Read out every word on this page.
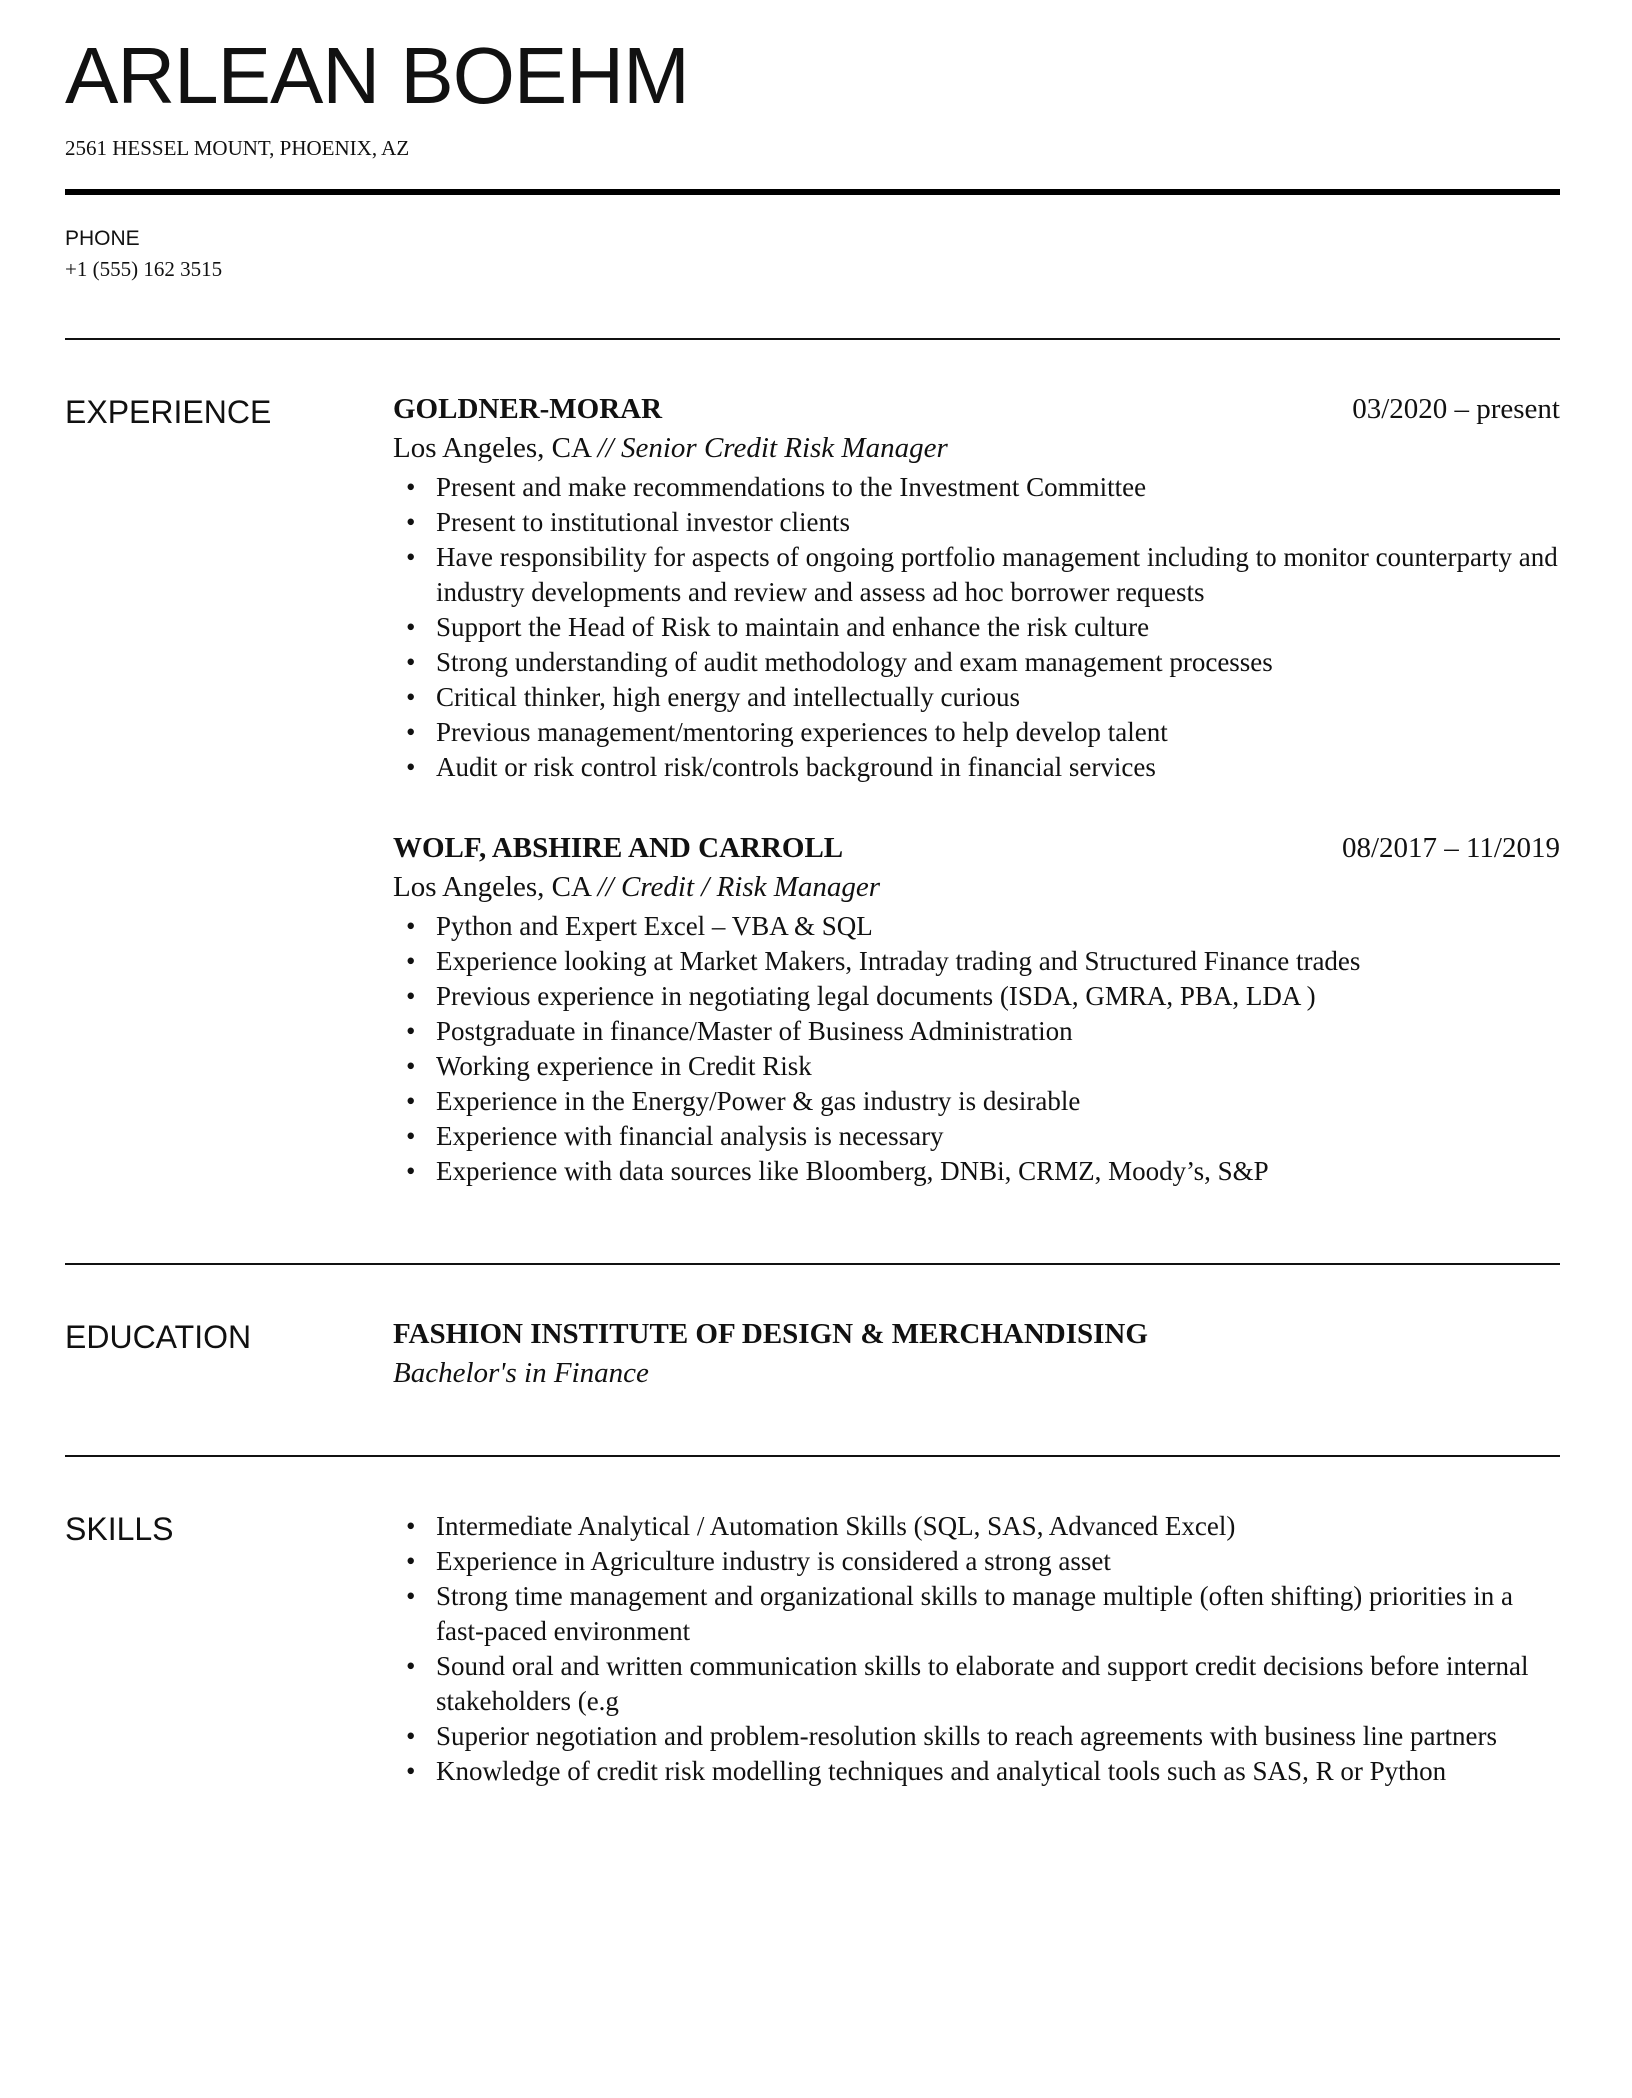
ARLEAN BOEHM
2561 HESSEL MOUNT, PHOENIX, AZ
PHONE
+1 (555) 162 3515
EXPERIENCE	GOLDNER-MORAR	03/2020 – present
Los Angeles, CA // Senior Credit Risk Manager
• Present and make recommendations to the Investment Committee
• Present to institutional investor clients
• Have responsibility for aspects of ongoing portfolio management including to monitor counterparty and industry developments and review and assess ad hoc borrower requests
• Support the Head of Risk to maintain and enhance the risk culture
• Strong understanding of audit methodology and exam management processes
• Critical thinker, high energy and intellectually curious
• Previous management/mentoring experiences to help develop talent
• Audit or risk control risk/controls background in financial services
WOLF, ABSHIRE AND CARROLL	08/2017 – 11/2019
Los Angeles, CA // Credit / Risk Manager
• Python and Expert Excel – VBA & SQL
• Experience looking at Market Makers, Intraday trading and Structured Finance trades
• Previous experience in negotiating legal documents (ISDA, GMRA, PBA, LDA )
• Postgraduate in finance/Master of Business Administration
• Working experience in Credit Risk
• Experience in the Energy/Power & gas industry is desirable
• Experience with financial analysis is necessary
• Experience with data sources like Bloomberg, DNBi, CRMZ, Moody’s, S&P
EDUCATION	FASHION INSTITUTE OF DESIGN & MERCHANDISING
Bachelor's in Finance
SKILLS	• Intermediate Analytical / Automation Skills (SQL, SAS, Advanced Excel)
• Experience in Agriculture industry is considered a strong asset
• Strong time management and organizational skills to manage multiple (often shifting) priorities in a fast-paced environment
• Sound oral and written communication skills to elaborate and support credit decisions before internal stakeholders (e.g
• Superior negotiation and problem-resolution skills to reach agreements with business line partners
• Knowledge of credit risk modelling techniques and analytical tools such as SAS, R or Python
